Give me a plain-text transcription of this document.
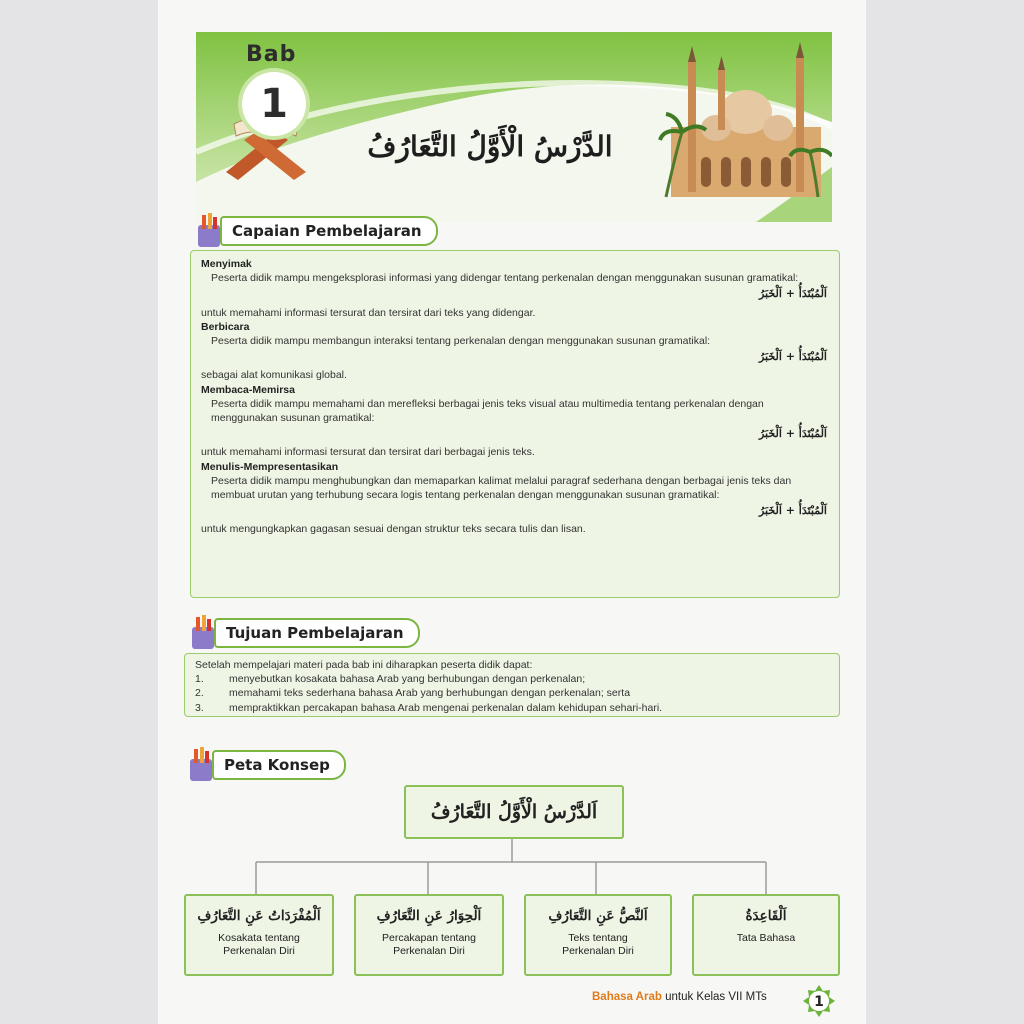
Bab
1
الدَّرْسُ الْأَوَّلُ التَّعَارُفُ
Capaian Pembelajaran
Menyimak
Peserta didik mampu mengeksplorasi informasi yang didengar tentang perkenalan dengan menggunakan susunan gramatikal:
اَلْمُبْتَدَأُ + اَلْخَبَرُ
untuk memahami informasi tersurat dan tersirat dari teks yang didengar.
Berbicara
Peserta didik mampu membangun interaksi tentang perkenalan dengan menggunakan susunan gramatikal:
اَلْمُبْتَدَأُ + اَلْخَبَرُ
sebagai alat komunikasi global.
Membaca-Memirsa
Peserta didik mampu memahami dan merefleksi berbagai jenis teks visual atau multimedia tentang perkenalan dengan
menggunakan susunan gramatikal:
اَلْمُبْتَدَأُ + اَلْخَبَرُ
untuk memahami informasi tersurat dan tersirat dari berbagai jenis teks.
Menulis-Mempresentasikan
Peserta didik mampu menghubungkan dan memaparkan kalimat melalui paragraf sederhana dengan berbagai jenis teks dan
membuat urutan yang terhubung secara logis tentang perkenalan dengan menggunakan susunan gramatikal:
اَلْمُبْتَدَأُ + اَلْخَبَرُ
untuk mengungkapkan gagasan sesuai dengan struktur teks secara tulis dan lisan.
Tujuan Pembelajaran
Setelah mempelajari materi pada bab ini diharapkan peserta didik dapat:
1.	menyebutkan kosakata bahasa Arab yang berhubungan dengan perkenalan;
2.	memahami teks sederhana bahasa Arab yang berhubungan dengan perkenalan; serta
3.	mempraktikkan percakapan bahasa Arab mengenai perkenalan dalam kehidupan sehari-hari.
Peta Konsep
اَلدَّرْسُ الْأَوَّلُ التَّعَارُفُ
اَلْمُفْرَدَاتُ عَنِ التَّعَارُفِ
Kosakata tentang
Perkenalan Diri
اَلْحِوَارُ عَنِ التَّعَارُفِ
Percakapan tentang
Perkenalan Diri
اَلنَّصُّ عَنِ التَّعَارُفِ
Teks tentang
Perkenalan Diri
اَلْقَاعِدَةُ
Tata Bahasa
Bahasa Arab untuk Kelas VII MTs	1
